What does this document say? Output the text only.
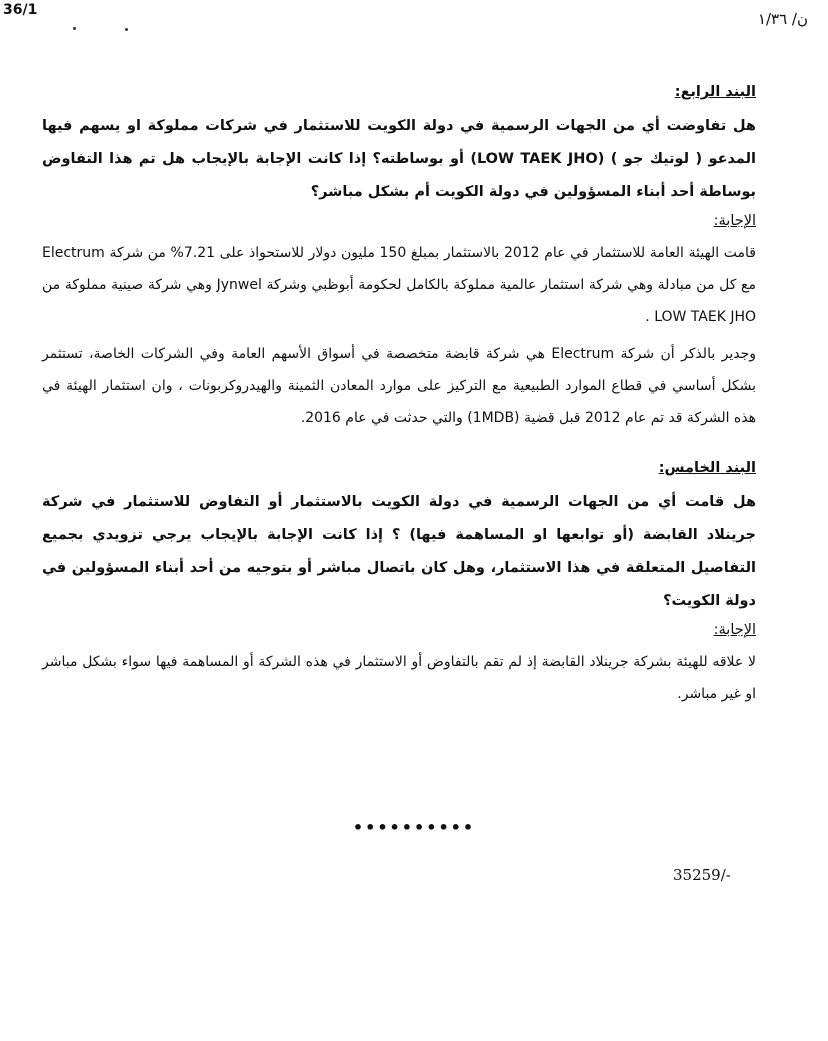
36/1	ن/ ١/٣٦

البند الرابع:

هل تفاوضت أي من الجهات الرسمية في دولة الكويت للاستثمار في شركات مملوكة او يسهم فيها المدعو ( لوتيك جو ) (LOW TAEK JHO) أو بوساطته؟ إذا كانت الإجابة بالإيجاب هل تم هذا التفاوض بوساطة أحد أبناء المسؤولين في دولة الكويت أم بشكل مباشر؟

الإجابة:

قامت الهيئة العامة للاستثمار في عام 2012 بالاستثمار بمبلغ 150 مليون دولار للاستحواذ على 7.21% من شركة Electrum مع كل من مبادلة وهي شركة استثمار عالمية مملوكة بالكامل لحكومة أبوظبي وشركة Jynwel وهي شركة صينية مملوكة من LOW TAEK JHO .

وجدير بالذكر أن شركة Electrum هي شركة قابضة متخصصة في أسواق الأسهم العامة وفي الشركات الخاصة، تستثمر بشكل أساسي في قطاع الموارد الطبيعية مع التركيز على موارد المعادن الثمينة والهيدروكربونات ، وان استثمار الهيئة في هذه الشركة قد تم عام 2012 قبل قضية (1MDB) والتي حدثت في عام 2016.

البند الخامس:

هل قامت أي من الجهات الرسمية في دولة الكويت بالاستثمار أو التفاوض للاستثمار في شركة جرينلاد القابضة (أو توابعها او المساهمة فيها) ؟ إذا كانت الإجابة بالإيجاب يرجي تزويدي بجميع التفاصيل المتعلقة في هذا الاستثمار، وهل كان باتصال مباشر أو بتوجيه من أحد أبناء المسؤولين في دولة الكويت؟

الإجابة:

لا علاقه للهيئة بشركة جرينلاد القابضة إذ لم تقم بالتفاوض أو الاستثمار في هذه الشركة أو المساهمة فيها سواء بشكل مباشر او غير مباشر.

••••••••••
35259/-
